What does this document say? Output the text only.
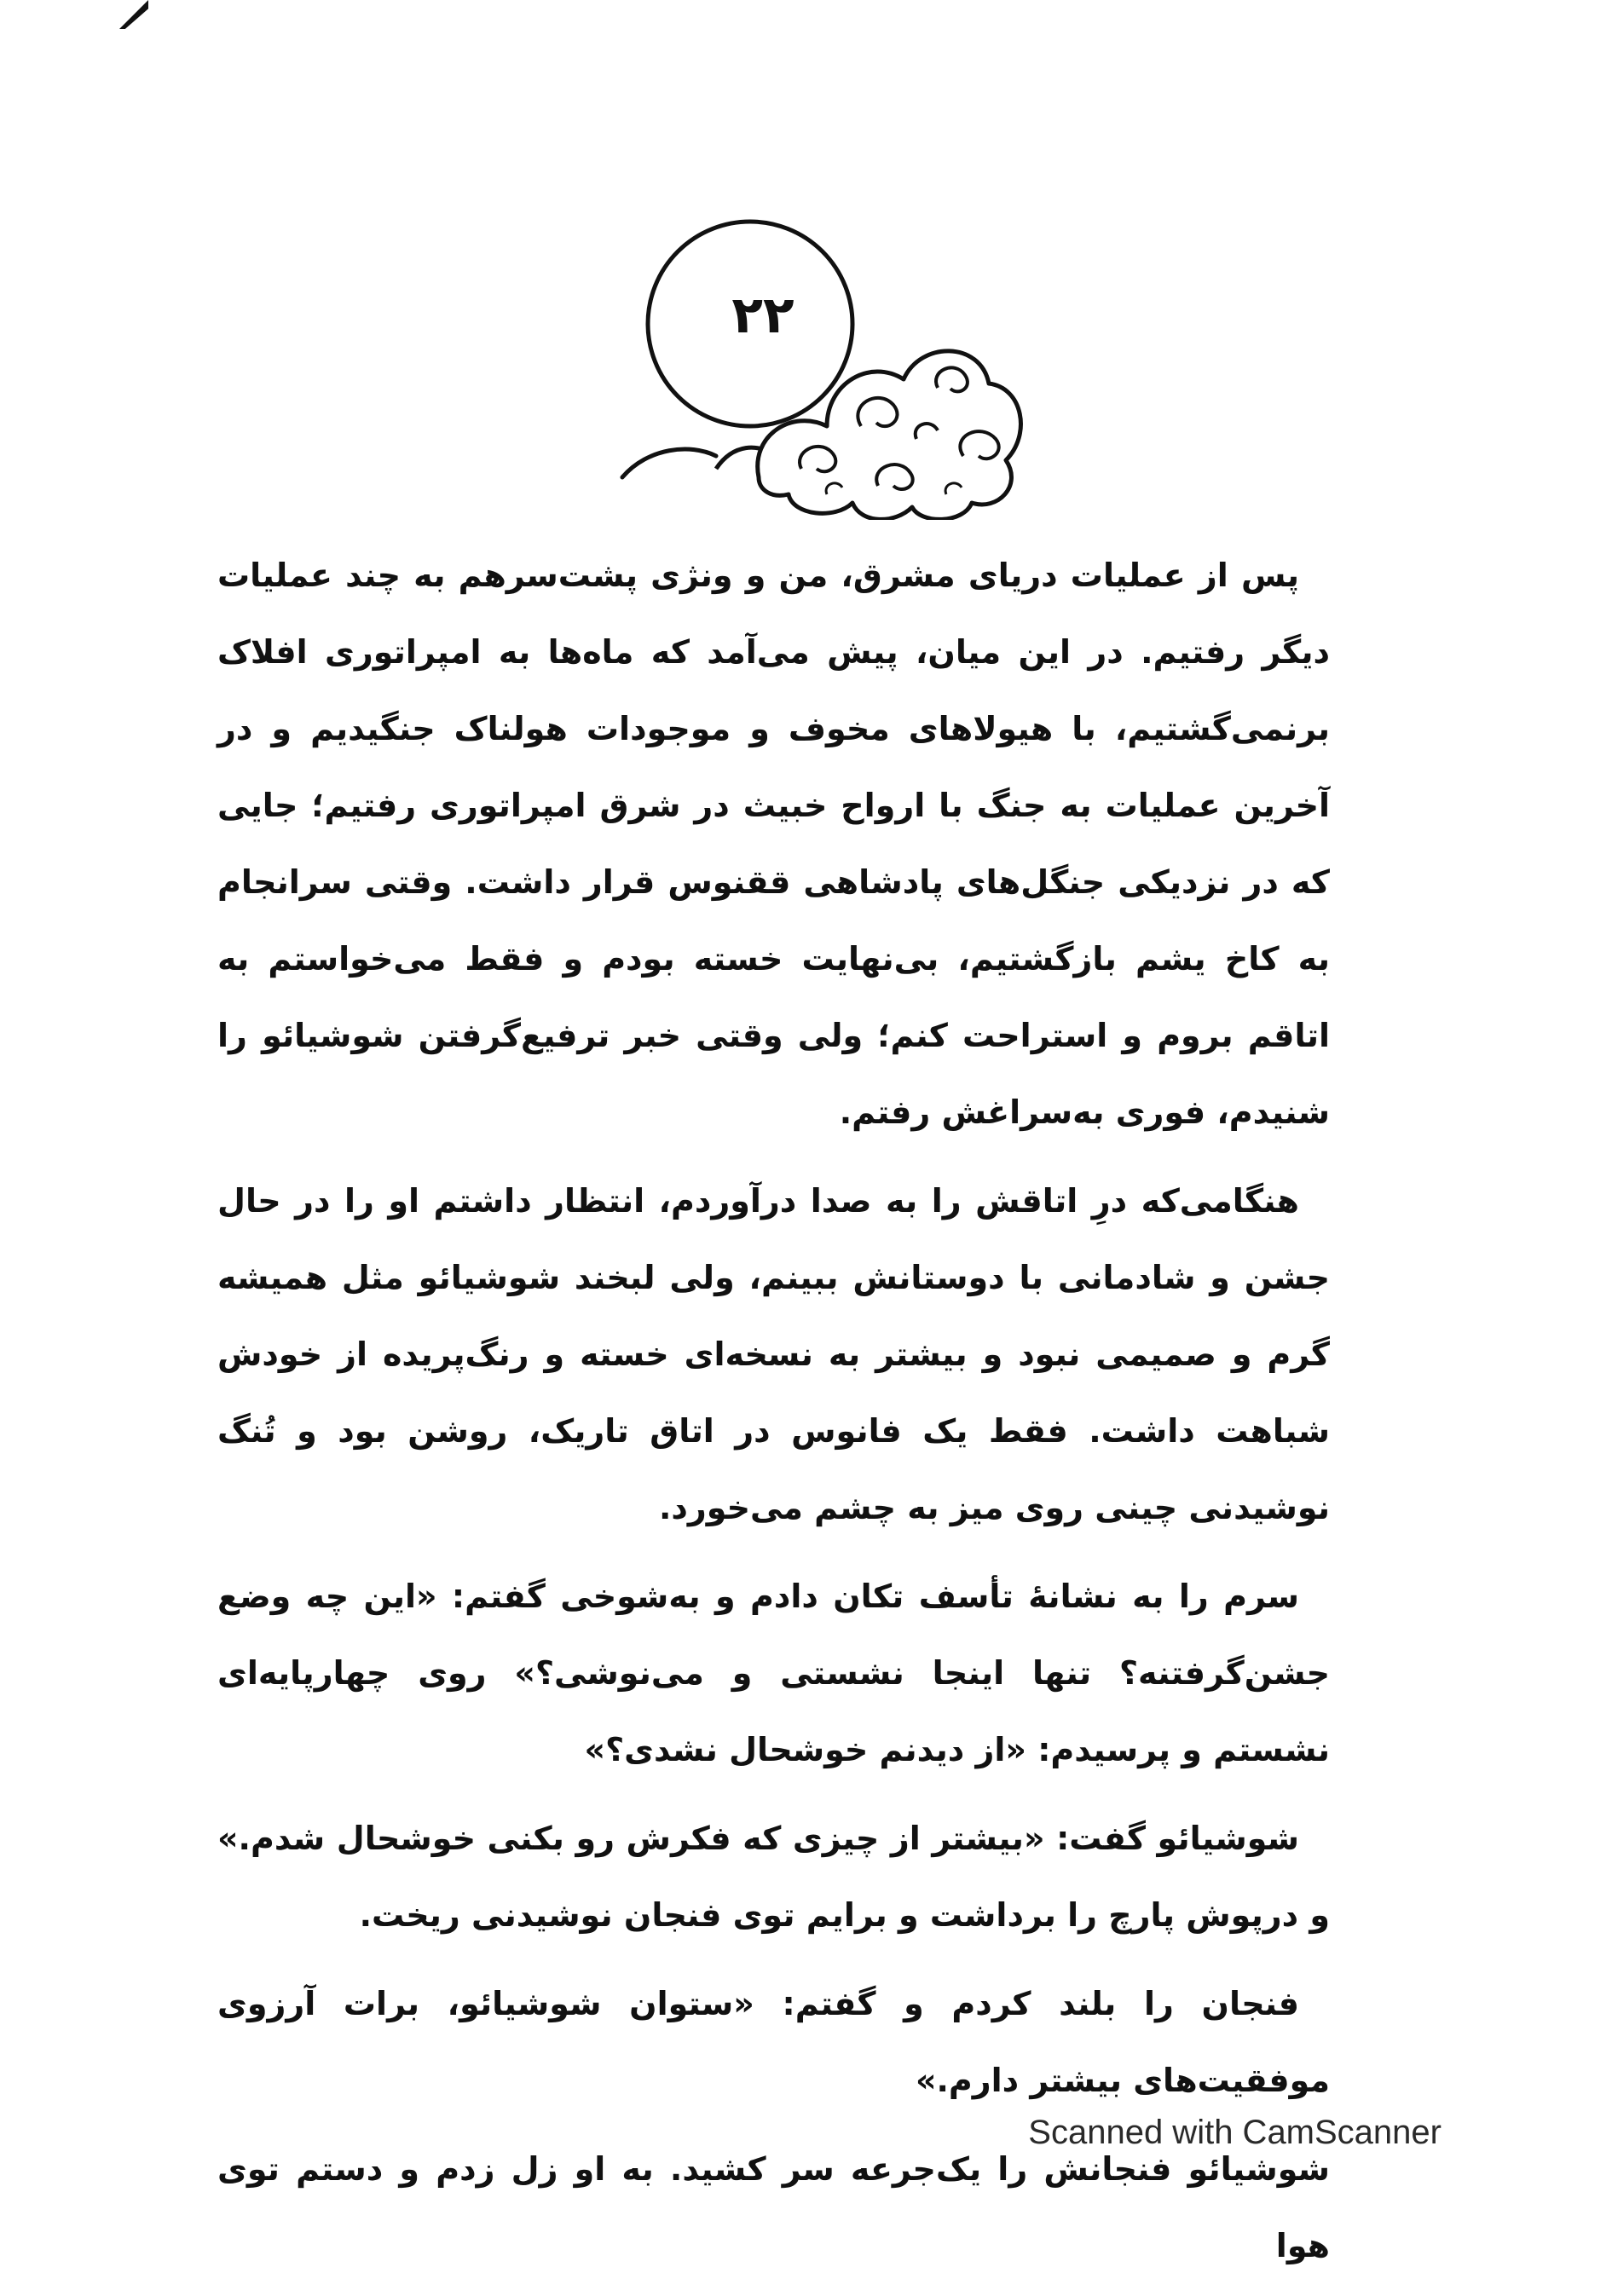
۲۲

پس از عملیات دریای مشرق، من و ونژی پشت‌سرهم به چند عملیات دیگر رفتیم. در این میان، پیش می‌آمد که ماه‌ها به امپراتوری افلاک برنمی‌گشتیم، با هیولاهای مخوف و موجودات هولناک جنگیدیم و در آخرین عملیات به جنگ با ارواح خبیث در شرق امپراتوری رفتیم؛ جایی که در نزدیکی جنگل‌های پادشاهی ققنوس قرار داشت. وقتی سرانجام به کاخ یشم بازگشتیم، بی‌نهایت خسته بودم و فقط می‌خواستم به اتاقم بروم و استراحت کنم؛ ولی وقتی خبر ترفیع‌گرفتن شوشیائو را شنیدم، فوری به‌سراغش رفتم.

هنگامی‌که درِ اتاقش را به صدا درآوردم، انتظار داشتم او را در حال جشن و شادمانی با دوستانش ببینم، ولی لبخند شوشیائو مثل همیشه گرم و صمیمی نبود و بیشتر به نسخه‌ای خسته و رنگ‌پریده از خودش شباهت داشت. فقط یک فانوس در اتاق تاریک، روشن بود و تُنگ نوشیدنی چینی روی میز به چشم می‌خورد.

سرم را به نشانهٔ تأسف تکان دادم و به‌شوخی گفتم: «این چه وضع جشن‌گرفتنه؟ تنها اینجا نشستی و می‌نوشی؟» روی چهارپایه‌ای نشستم و پرسیدم: «از دیدنم خوشحال نشدی؟»

شوشیائو گفت: «بیشتر از چیزی که فکرش رو بکنی خوشحال شدم.» و درپوش پارچ را برداشت و برایم توی فنجان نوشیدنی ریخت.

فنجان را بلند کردم و گفتم: «ستوان شوشیائو، برات آرزوی موفقیت‌های بیشتر دارم.»

شوشیائو فنجانش را یک‌جرعه سر کشید. به او زل زدم و دستم توی هوا

Scanned with CamScanner
